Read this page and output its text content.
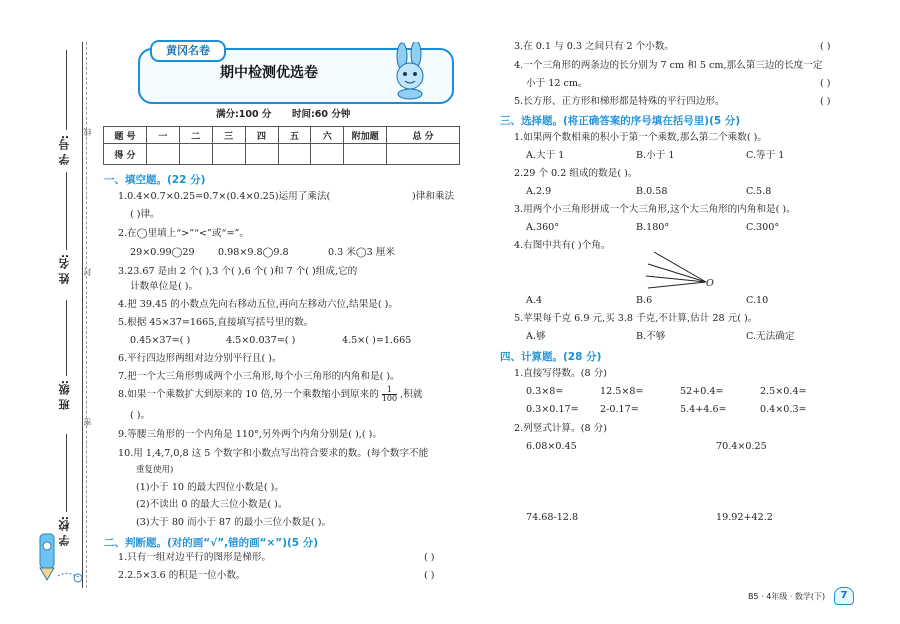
线
封
密
学 号:
姓 名:
班 级:
学 校:
黄冈名卷
期中检测优选卷
满分:100 分 时间:60 分钟
题 号	一	二	三	四	五	六	附加题	总 分
得 分								
一、填空题。(22 分)
1.0.4×0.7×0.25=0.7×(0.4×0.25)运用了乘法(	)律和乘法
( )律。
2.在◯里填上“>”“<”或“=”。
29×0.99◯29 0.98×9.8◯9.8	0.3 米◯3 厘米
3.23.67 是由 2 个( ),3 个( ),6 个( )和 7 个( )组成,它的
计数单位是( )。
4.把 39.45 的小数点先向右移动五位,再向左移动六位,结果是( )。
5.根据 45×37=1665,直接填写括号里的数。
0.45×37=( )	4.5×0.037=( )	4.5×( )=1.665
6.平行四边形两组对边分别平行且( )。
7.把一个大三角形剪成两个小三角形,每个小三角形的内角和是( )。
8.如果一个乘数扩大到原来的 10 倍,另一个乘数缩小到原来的 $\frac{1}{100}$ ,积就
( )。
9.等腰三角形的一个内角是 110°,另外两个内角分别是( ),( )。
10.用 1,4,7,0,8 这 5 个数字和小数点写出符合要求的数。(每个数字不能
重复使用)
(1)小于 10 的最大四位小数是( )。
(2)不读出 0 的最大三位小数是( )。
(3)大于 80 而小于 87 的最小三位小数是( )。
二、判断题。(对的画“√”,错的画“×”)(5 分)
1.只有一组对边平行的图形是梯形。	( )
2.2.5×3.6 的积是一位小数。	( )
3.在 0.1 与 0.3 之间只有 2 个小数。	( )
4.一个三角形的两条边的长分别为 7 cm 和 5 cm,那么第三边的长度一定
小于 12 cm。	( )
5.长方形、正方形和梯形都是特殊的平行四边形。	( )
三、选择题。(将正确答案的序号填在括号里)(5 分)
1.如果两个数相乘的积小于第一个乘数,那么第二个乘数( )。
A.大于 1	B.小于 1	C.等于 1
2.29 个 0.2 组成的数是( )。
A.2.9	B.0.58	C.5.8
3.用两个小三角形拼成一个大三角形,这个大三角形的内角和是( )。
A.360°	B.180°	C.300°
4.右图中共有( )个角。
O
A.4	B.6	C.10
5.苹果每千克 6.9 元,买 3.8 千克,不计算,估计 28 元( )。
A.够	B.不够	C.无法确定
四、计算题。(28 分)
1.直接写得数。(8 分)
0.3×8=	12.5×8=	52+0.4=	2.5×0.4=
0.3×0.17= 2-0.17=	5.4+4.6=	0.4×0.3=
2.列竖式计算。(8 分)
6.08×0.45	70.4×0.25
74.68-12.8	19.92+42.2
B5 · 4年级 · 数学(下)	7
